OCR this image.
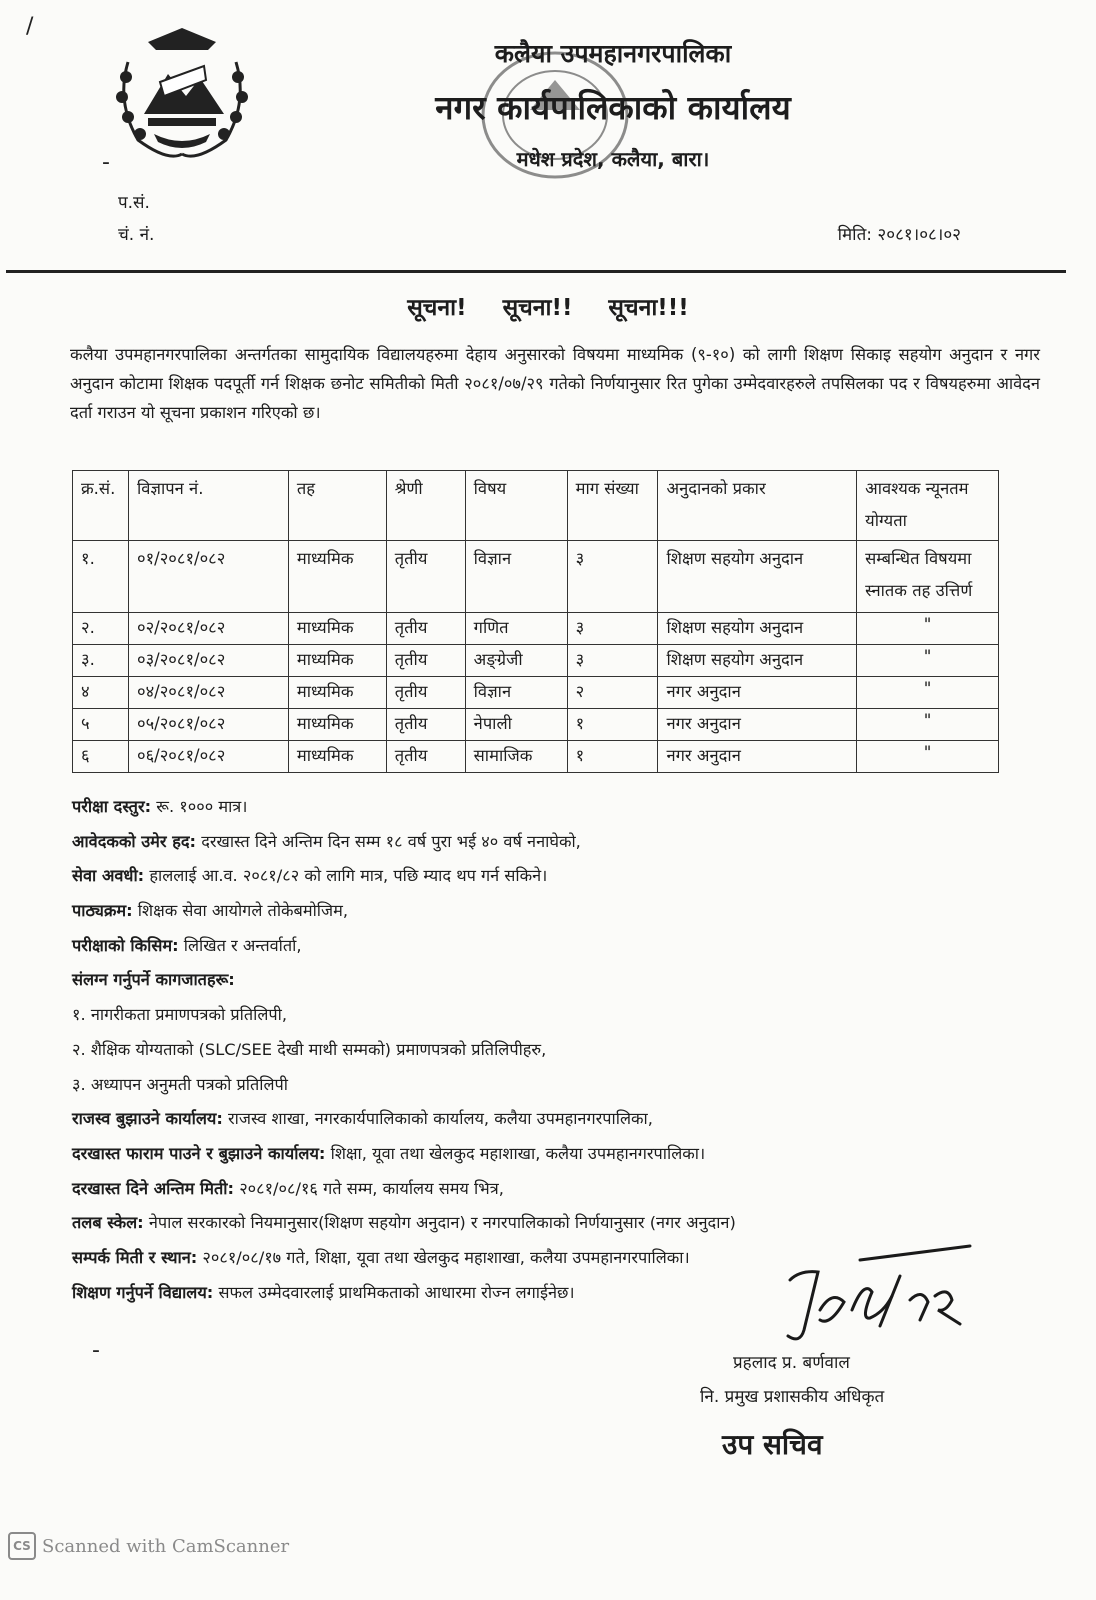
कलैया उपमहानगरपालिका
नगर कार्यपालिकाको कार्यालय
मधेश प्रदेश, कलैया, बारा।
/
-
प.सं.
चं. नं.	मिति: २०८१।०८।०२
सूचना! सूचना!! सूचना!!!
कलैया उपमहानगरपालिका अन्तर्गतका सामुदायिक विद्यालयहरुमा देहाय अनुसारको विषयमा माध्यमिक (९-१०) को लागी शिक्षण सिकाइ सहयोग अनुदान र नगर अनुदान कोटामा शिक्षक पदपूर्ती गर्न शिक्षक छनोट समितीको मिती २०८१/०७/२९ गतेको निर्णयानुसार रित पुगेका उम्मेदवारहरुले तपसिलका पद र विषयहरुमा आवेदन दर्ता गराउन यो सूचना प्रकाशन गरिएको छ।
क्र.सं.	विज्ञापन नं.	तह	श्रेणी	विषय	माग संख्या	अनुदानको प्रकार	आवश्यक न्यूनतम योग्यता
१.	०१/२०८१/०८२	माध्यमिक	तृतीय	विज्ञान	३	शिक्षण सहयोग अनुदान	सम्बन्धित विषयमा स्नातक तह उत्तिर्ण
२.	०२/२०८१/०८२	माध्यमिक	तृतीय	गणित	३	शिक्षण सहयोग अनुदान	"
३.	०३/२०८१/०८२	माध्यमिक	तृतीय	अङ्ग्रेजी	३	शिक्षण सहयोग अनुदान	"
४	०४/२०८१/०८२	माध्यमिक	तृतीय	विज्ञान	२	नगर अनुदान	"
५	०५/२०८१/०८२	माध्यमिक	तृतीय	नेपाली	१	नगर अनुदान	"
६	०६/२०८१/०८२	माध्यमिक	तृतीय	सामाजिक	१	नगर अनुदान	"
परीक्षा दस्तुर: रू. १००० मात्र।
आवेदकको उमेर हद: दरखास्त दिने अन्तिम दिन सम्म १८ वर्ष पुरा भई ४० वर्ष ननाघेको,
सेवा अवधी: हाललाई आ.व. २०८१/८२ को लागि मात्र, पछि म्याद थप गर्न सकिने।
पाठ्यक्रम: शिक्षक सेवा आयोगले तोकेबमोजिम,
परीक्षाको किसिम: लिखित र अन्तर्वार्ता,
संलग्न गर्नुपर्ने कागजातहरू:
१. नागरीकता प्रमाणपत्रको प्रतिलिपी,
२. शैक्षिक योग्यताको (SLC/SEE देखी माथी सम्मको) प्रमाणपत्रको प्रतिलिपीहरु,
३. अध्यापन अनुमती पत्रको प्रतिलिपी
राजस्व बुझाउने कार्यालय: राजस्व शाखा, नगरकार्यपालिकाको कार्यालय, कलैया उपमहानगरपालिका,
दरखास्त फाराम पाउने र बुझाउने कार्यालय: शिक्षा, यूवा तथा खेलकुद महाशाखा, कलैया उपमहानगरपालिका।
दरखास्त दिने अन्तिम मिती: २०८१/०८/१६ गते सम्म, कार्यालय समय भित्र,
तलब स्केल: नेपाल सरकारको नियमानुसार(शिक्षण सहयोग अनुदान) र नगरपालिकाको निर्णयानुसार (नगर अनुदान)
सम्पर्क मिती र स्थान: २०८१/०८/१७ गते, शिक्षा, यूवा तथा खेलकुद महाशाखा, कलैया उपमहानगरपालिका।
शिक्षण गर्नुपर्ने विद्यालय: सफल उम्मेदवारलाई प्राथमिकताको आधारमा रोज्न लगाईनेछ।
प्रहलाद प्र. बर्णवाल
नि. प्रमुख प्रशासकीय अधिकृत
उप सचिव
-
CS Scanned with CamScanner
